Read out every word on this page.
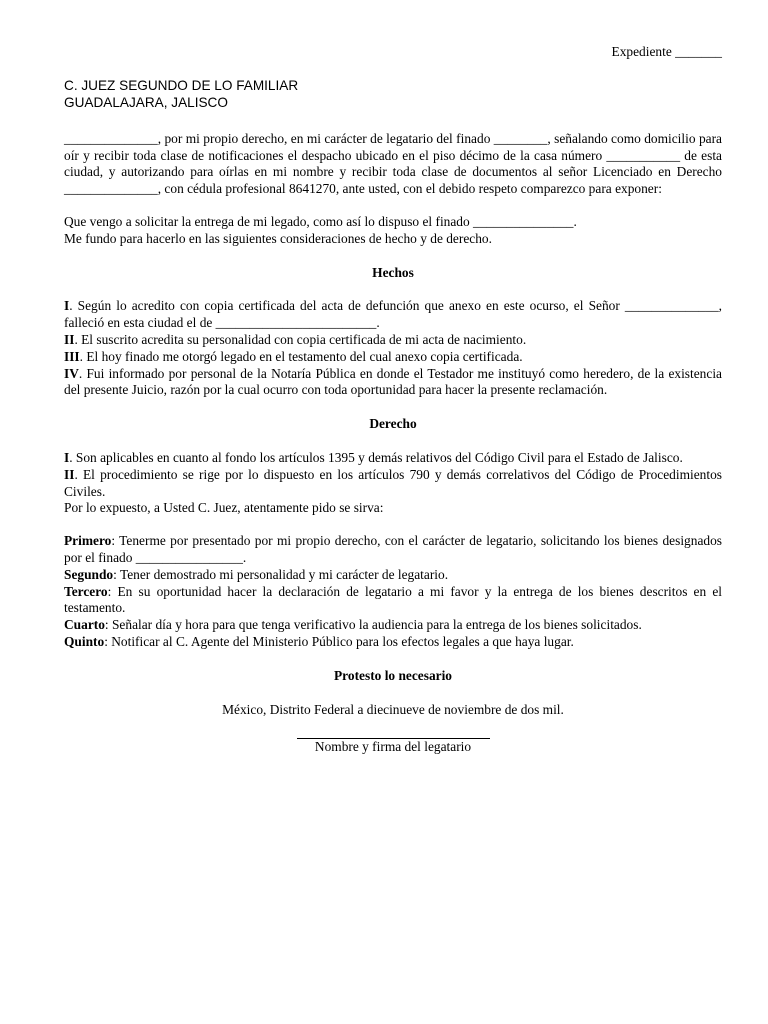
Expediente _______

C. JUEZ SEGUNDO DE LO FAMILIAR
GUADALAJARA, JALISCO

______________, por mi propio derecho, en mi carácter de legatario del finado ________, señalando como domicilio para oír y recibir toda clase de notificaciones el despacho ubicado en el piso décimo de la casa número ___________ de esta ciudad, y autorizando para oírlas en mi nombre y recibir toda clase de documentos al señor Licenciado en Derecho ______________, con cédula profesional 8641270, ante usted, con el debido respeto comparezco para exponer:

Que vengo a solicitar la entrega de mi legado, como así lo dispuso el finado _______________.

Me fundo para hacerlo en las siguientes consideraciones de hecho y de derecho.

Hechos

I. Según lo acredito con copia certificada del acta de defunción que anexo en este ocurso, el Señor ______________, falleció en esta ciudad el de ________________________.

II. El suscrito acredita su personalidad con copia certificada de mi acta de nacimiento.

III. El hoy finado me otorgó legado en el testamento del cual anexo copia certificada.

IV. Fui informado por personal de la Notaría Pública en donde el Testador me instituyó como heredero, de la existencia del presente Juicio, razón por la cual ocurro con toda oportunidad para hacer la presente reclamación.

Derecho

I. Son aplicables en cuanto al fondo los artículos 1395 y demás relativos del Código Civil para el Estado de Jalisco.

II. El procedimiento se rige por lo dispuesto en los artículos 790 y demás correlativos del Código de Procedimientos Civiles.

Por lo expuesto, a Usted C. Juez, atentamente pido se sirva:

Primero: Tenerme por presentado por mi propio derecho, con el carácter de legatario, solicitando los bienes designados por el finado ________________.

Segundo: Tener demostrado mi personalidad y mi carácter de legatario.

Tercero: En su oportunidad hacer la declaración de legatario a mi favor y la entrega de los bienes descritos en el testamento.

Cuarto: Señalar día y hora para que tenga verificativo la audiencia para la entrega de los bienes solicitados.

Quinto: Notificar al C. Agente del Ministerio Público para los efectos legales a que haya lugar.

Protesto lo necesario
México, Distrito Federal a diecinueve de noviembre de dos mil.
Nombre y firma del legatario
